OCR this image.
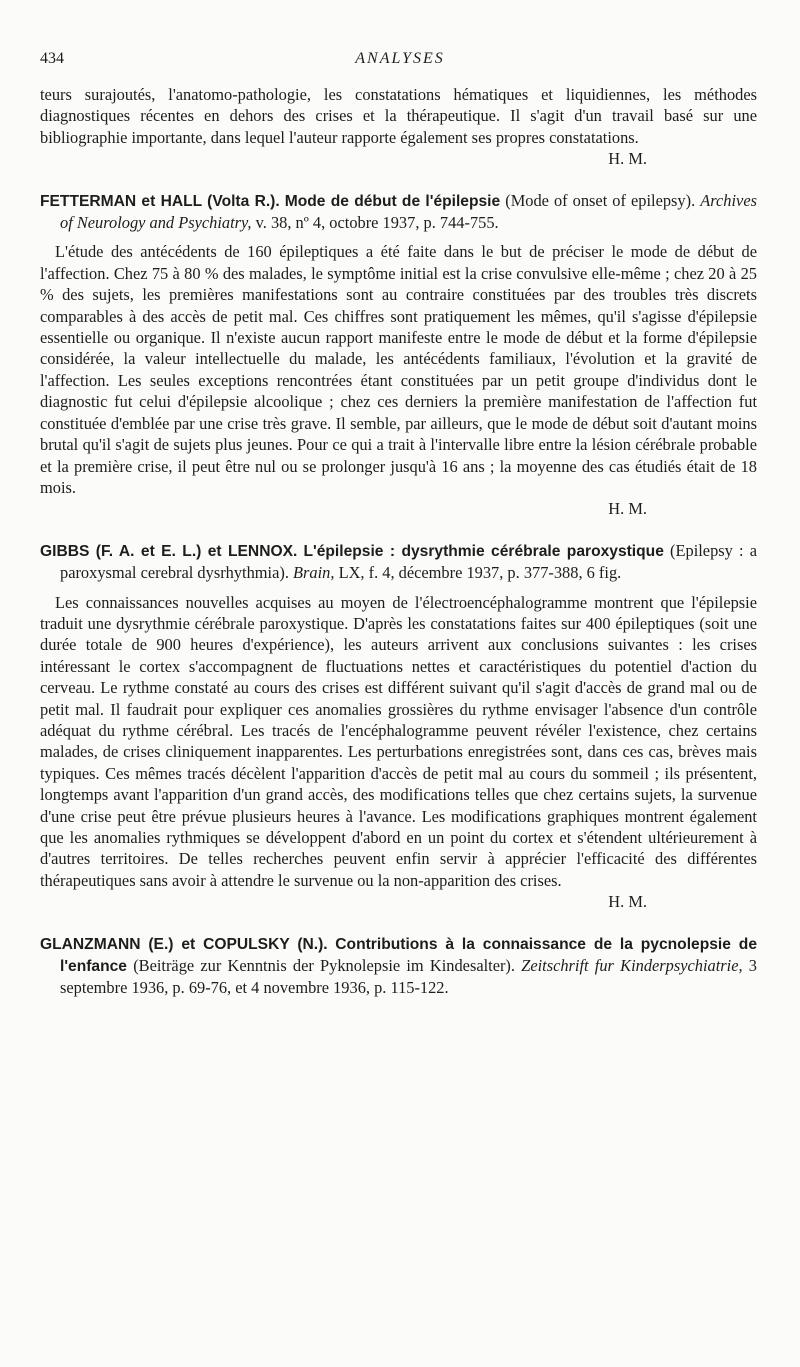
434	ANALYSES

teurs surajoutés, l'anatomo-pathologie, les constatations hématiques et liquidiennes, les méthodes diagnostiques récentes en dehors des crises et la thérapeutique. Il s'agit d'un travail basé sur une bibliographie importante, dans lequel l'auteur rapporte également ses propres constatations.

H. M.

FETTERMAN et HALL (Volta R.). Mode de début de l'épilepsie (Mode of onset of epilepsy). Archives of Neurology and Psychiatry, v. 38, nº 4, octobre 1937, p. 744-755.

L'étude des antécédents de 160 épileptiques a été faite dans le but de préciser le mode de début de l'affection. Chez 75 à 80 % des malades, le symptôme initial est la crise convulsive elle-même ; chez 20 à 25 % des sujets, les premières manifestations sont au contraire constituées par des troubles très discrets comparables à des accès de petit mal. Ces chiffres sont pratiquement les mêmes, qu'il s'agisse d'épilepsie essentielle ou organique. Il n'existe aucun rapport manifeste entre le mode de début et la forme d'épilepsie considérée, la valeur intellectuelle du malade, les antécédents familiaux, l'évolution et la gravité de l'affection. Les seules exceptions rencontrées étant constituées par un petit groupe d'individus dont le diagnostic fut celui d'épilepsie alcoolique ; chez ces derniers la première manifestation de l'affection fut constituée d'emblée par une crise très grave. Il semble, par ailleurs, que le mode de début soit d'autant moins brutal qu'il s'agit de sujets plus jeunes. Pour ce qui a trait à l'intervalle libre entre la lésion cérébrale probable et la première crise, il peut être nul ou se prolonger jusqu'à 16 ans ; la moyenne des cas étudiés était de 18 mois.

H. M.

GIBBS (F. A. et E. L.) et LENNOX. L'épilepsie : dysrythmie cérébrale paroxystique (Epilepsy : a paroxysmal cerebral dysrhythmia). Brain, LX, f. 4, décembre 1937, p. 377-388, 6 fig.

Les connaissances nouvelles acquises au moyen de l'électroencéphalogramme montrent que l'épilepsie traduit une dysrythmie cérébrale paroxystique. D'après les constatations faites sur 400 épileptiques (soit une durée totale de 900 heures d'expérience), les auteurs arrivent aux conclusions suivantes : les crises intéressant le cortex s'accompagnent de fluctuations nettes et caractéristiques du potentiel d'action du cerveau. Le rythme constaté au cours des crises est différent suivant qu'il s'agit d'accès de grand mal ou de petit mal. Il faudrait pour expliquer ces anomalies grossières du rythme envisager l'absence d'un contrôle adéquat du rythme cérébral. Les tracés de l'encéphalogramme peuvent révéler l'existence, chez certains malades, de crises cliniquement inapparentes. Les perturbations enregistrées sont, dans ces cas, brèves mais typiques. Ces mêmes tracés décèlent l'apparition d'accès de petit mal au cours du sommeil ; ils présentent, longtemps avant l'apparition d'un grand accès, des modifications telles que chez certains sujets, la survenue d'une crise peut être prévue plusieurs heures à l'avance. Les modifications graphiques montrent également que les anomalies rythmiques se développent d'abord en un point du cortex et s'étendent ultérieurement à d'autres territoires. De telles recherches peuvent enfin servir à apprécier l'efficacité des différentes thérapeutiques sans avoir à attendre le survenue ou la non-apparition des crises.

H. M.

GLANZMANN (E.) et COPULSKY (N.). Contributions à la connaissance de la pycnolepsie de l'enfance (Beiträge zur Kenntnis der Pyknolepsie im Kindesalter). Zeitschrift fur Kinderpsychiatrie, 3 septembre 1936, p. 69-76, et 4 novembre 1936, p. 115-122.
